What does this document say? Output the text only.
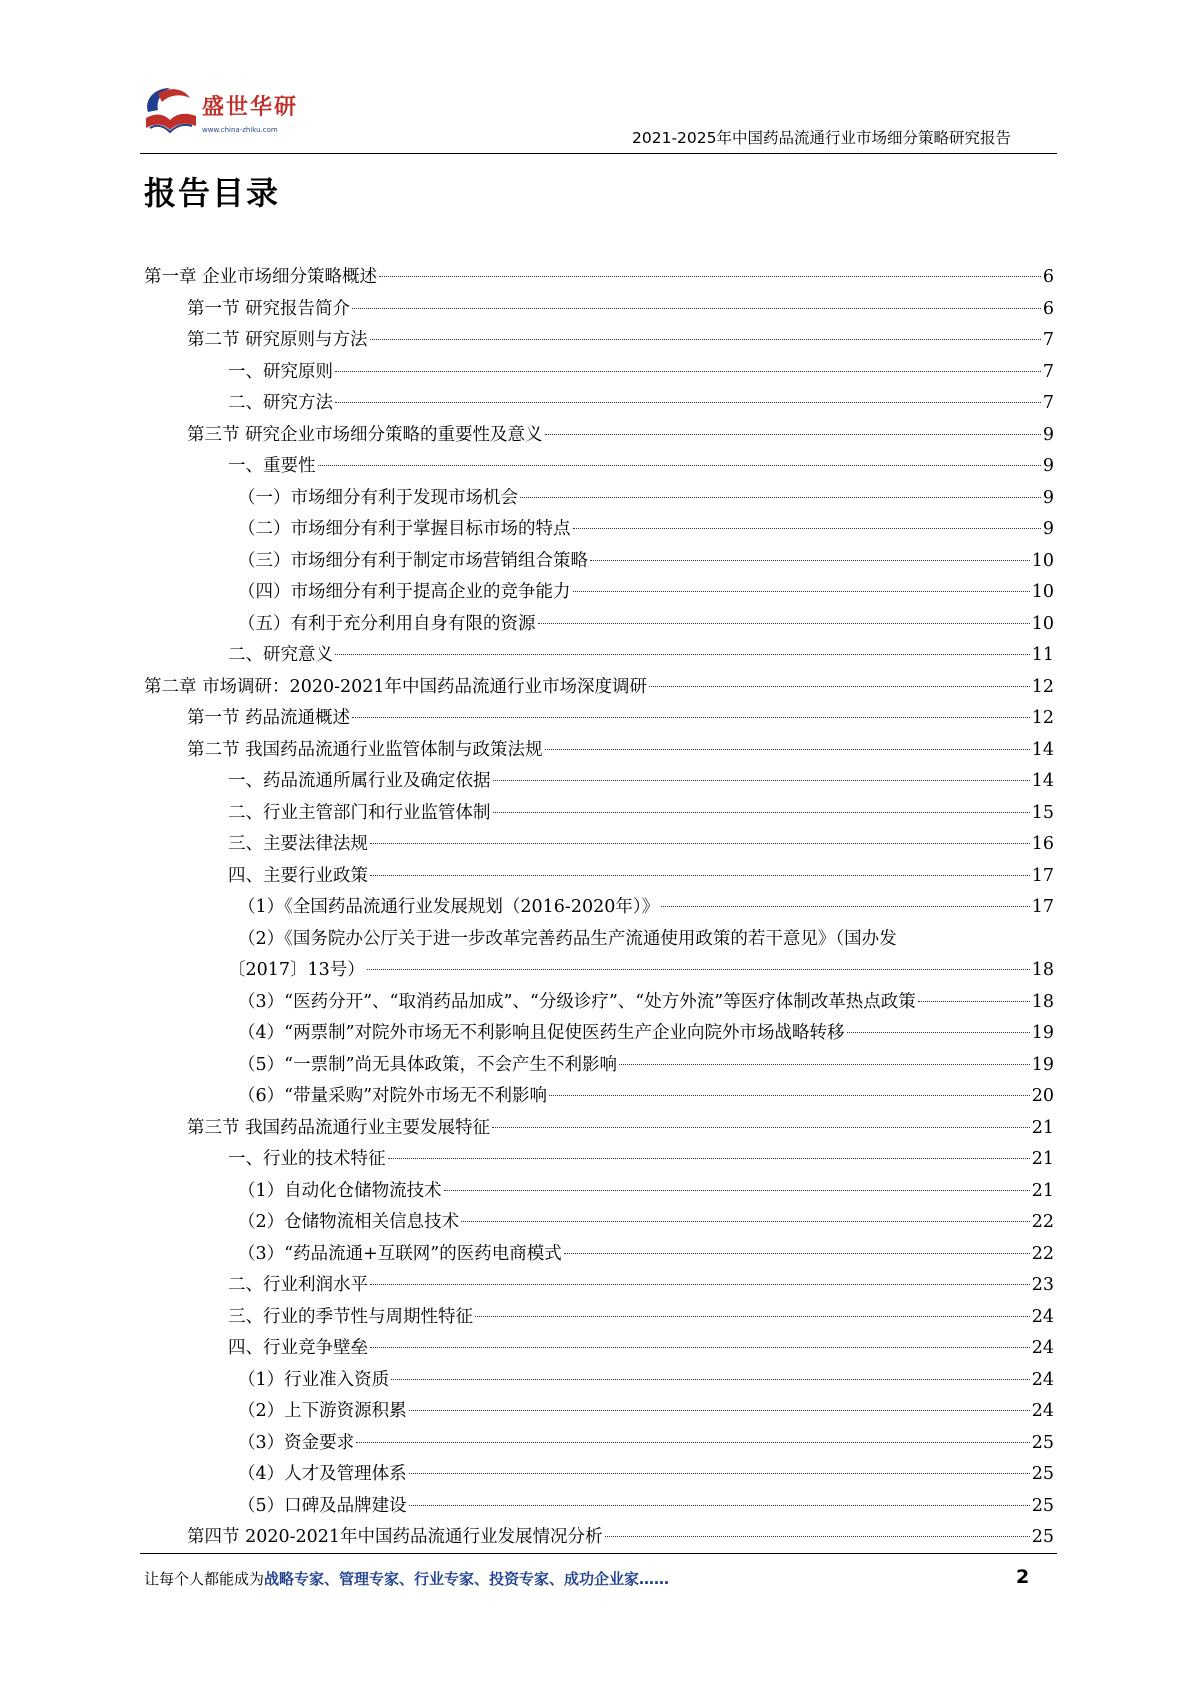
盛世华研
www.china-zhiku.com	2021-2025年中国药品流通行业市场细分策略研究报告
报告目录
第一章 企业市场细分策略概述	6
第一节 研究报告简介	6
第二节 研究原则与方法	7
一、研究原则	7
二、研究方法	7
第三节 研究企业市场细分策略的重要性及意义	9
一、重要性	9
（一）市场细分有利于发现市场机会	9
（二）市场细分有利于掌握目标市场的特点	9
（三）市场细分有利于制定市场营销组合策略	10
（四）市场细分有利于提高企业的竞争能力	10
（五）有利于充分利用自身有限的资源	10
二、研究意义	11
第二章 市场调研：2020-2021年中国药品流通行业市场深度调研	12
第一节 药品流通概述	12
第二节 我国药品流通行业监管体制与政策法规	14
一、药品流通所属行业及确定依据	14
二、行业主管部门和行业监管体制	15
三、主要法律法规	16
四、主要行业政策	17
（1）《全国药品流通行业发展规划（2016-2020年）》	17
（2）《国务院办公厅关于进一步改革完善药品生产流通使用政策的若干意见》（国办发
〔2017〕13号）	18
（3）“医药分开”、“取消药品加成”、“分级诊疗”、“处方外流”等医疗体制改革热点政策	18
（4）“两票制”对院外市场无不利影响且促使医药生产企业向院外市场战略转移	19
（5）“一票制”尚无具体政策，不会产生不利影响	19
（6）“带量采购”对院外市场无不利影响	20
第三节 我国药品流通行业主要发展特征	21
一、行业的技术特征	21
（1）自动化仓储物流技术	21
（2）仓储物流相关信息技术	22
（3）“药品流通+互联网”的医药电商模式	22
二、行业利润水平	23
三、行业的季节性与周期性特征	24
四、行业竞争壁垒	24
（1）行业准入资质	24
（2）上下游资源积累	24
（3）资金要求	25
（4）人才及管理体系	25
（5）口碑及品牌建设	25
第四节 2020-2021年中国药品流通行业发展情况分析	25
让每个人都能成为战略专家、管理专家、行业专家、投资专家、成功企业家……	2
